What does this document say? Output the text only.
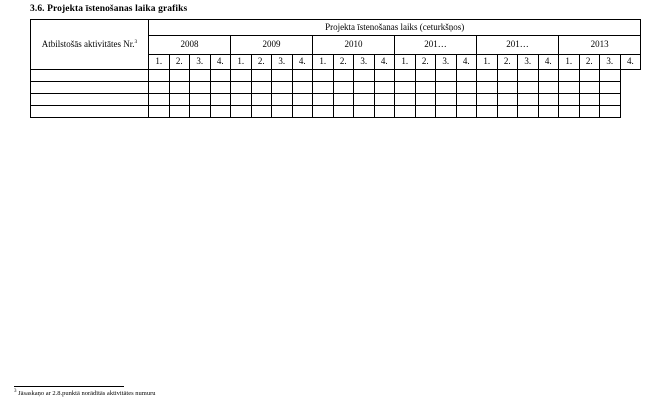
3.6. Projekta īstenošanas laika grafiks
Atbilstošās aktivitātes Nr.$^3$	Projekta īstenošanas laiks (ceturkšņos)																							
	2008				2009				2010				201…				201…				2013			
	1.	2.	3.	4.	1.	2.	3.	4.	1.	2.	3.	4.	1.	2.	3.	4.	1.	2.	3.	4.	1.	2.	3.	4.

$^3$ Jāsaskaņo ar 2.8.punktā norādītās aktivitātes numuru
